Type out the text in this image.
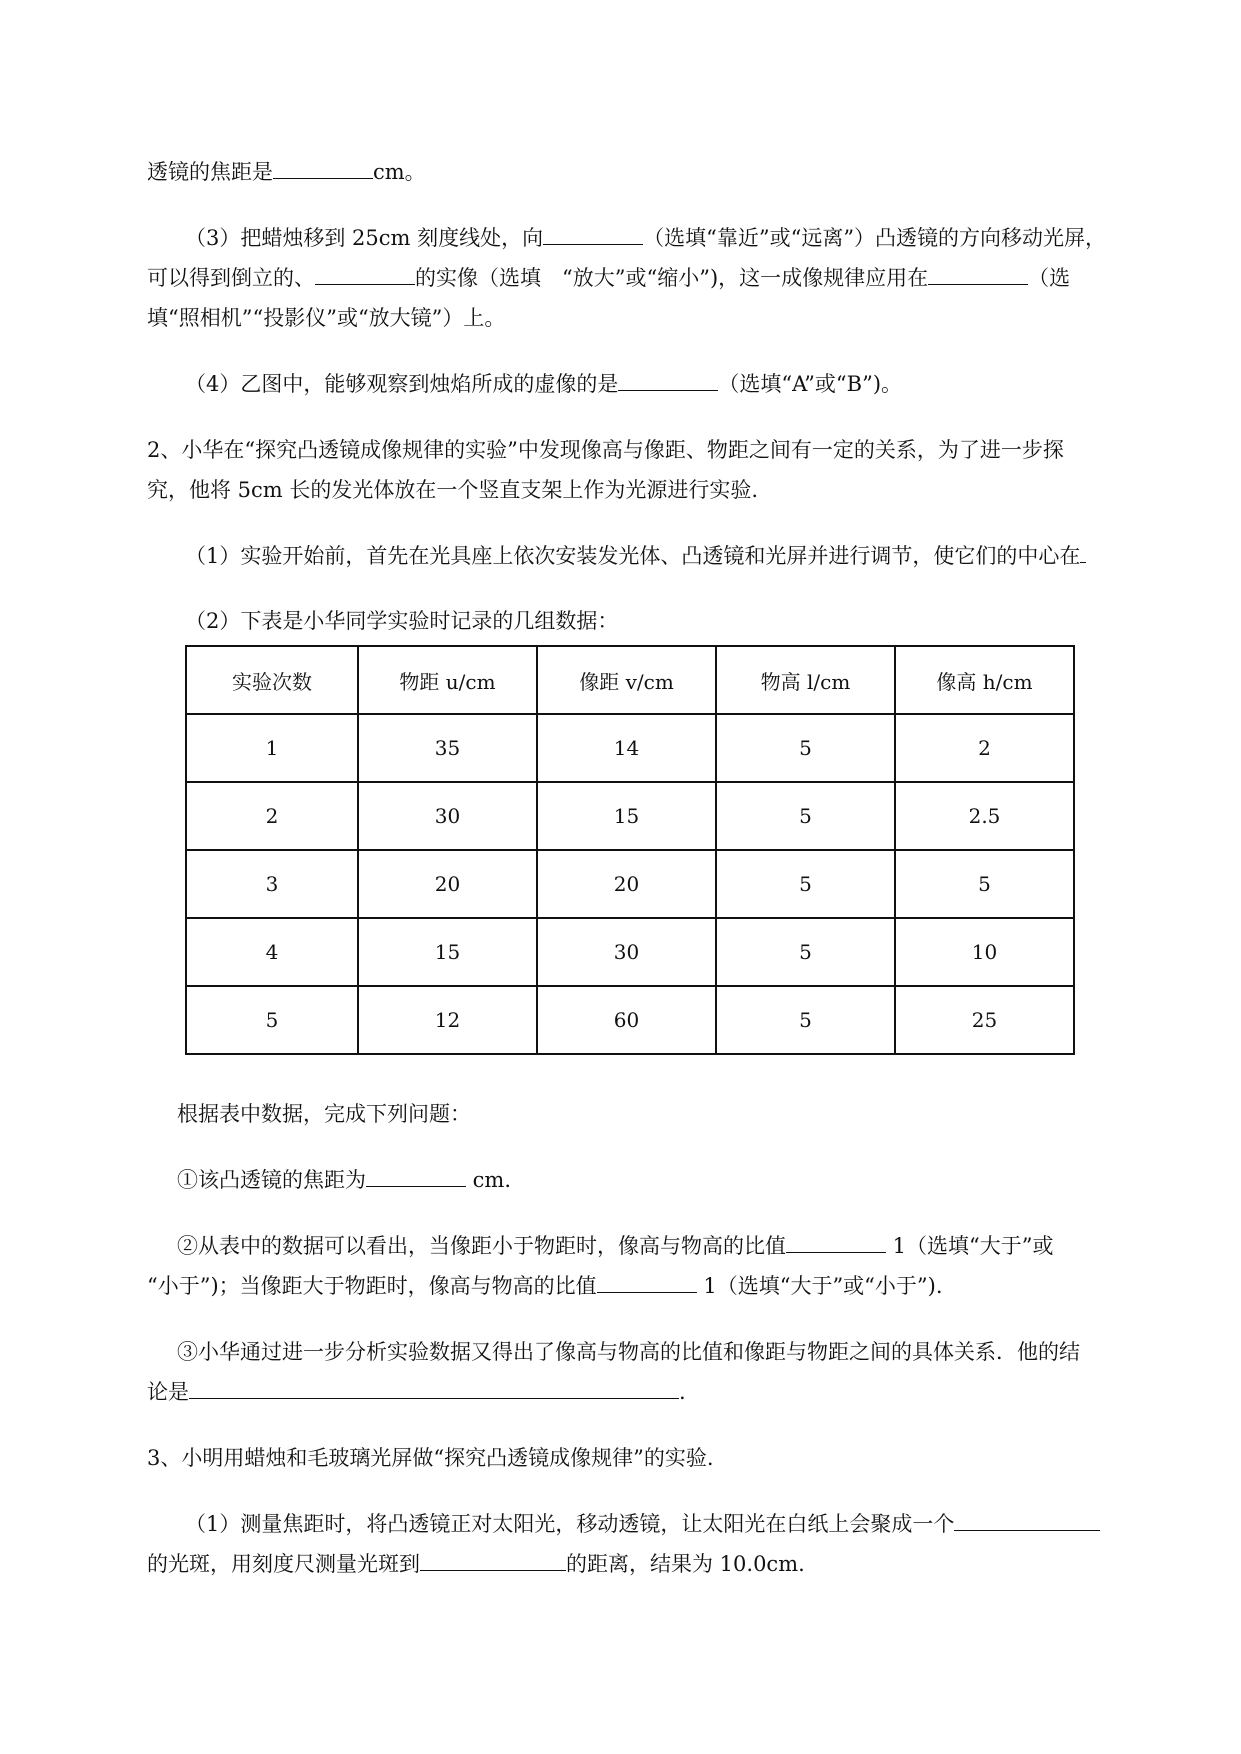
透镜的焦距是	cm。
（3）把蜡烛移到 25cm 刻度线处，向	（选填“靠近”或“远离”）凸透镜的方向移动光屏，
可以得到倒立的、	的实像（选填　“放大”或“缩小”)，这一成像规律应用在	（选
填“照相机”“投影仪”或“放大镜”）上。
（4）乙图中，能够观察到烛焰所成的虚像的是	（选填“A”或“B”)。
2、小华在“探究凸透镜成像规律的实验”中发现像高与像距、物距之间有一定的关系，为了进一步探
究，他将 5cm 长的发光体放在一个竖直支架上作为光源进行实验.
（1）实验开始前，首先在光具座上依次安装发光体、凸透镜和光屏并进行调节，使它们的中心在
（2）下表是小华同学实验时记录的几组数据：
实验次数	物距 u/cm	像距 v/cm	物高 l/cm	像高 h/cm
1	35	14	5	2
2	30	15	5	2.5
3	20	20	5	5
4	15	30	5	10
5	12	60	5	25
根据表中数据，完成下列问题：
①该凸透镜的焦距为	cm.
②从表中的数据可以看出，当像距小于物距时，像高与物高的比值	1（选填“大于”或
“小于”)；当像距大于物距时，像高与物高的比值	1（选填“大于”或“小于”).
③小华通过进一步分析实验数据又得出了像高与物高的比值和像距与物距之间的具体关系．他的结
论是	.
3、小明用蜡烛和毛玻璃光屏做“探究凸透镜成像规律”的实验.
（1）测量焦距时，将凸透镜正对太阳光，移动透镜，让太阳光在白纸上会聚成一个
的光斑，用刻度尺测量光斑到	的距离，结果为 10.0cm.
